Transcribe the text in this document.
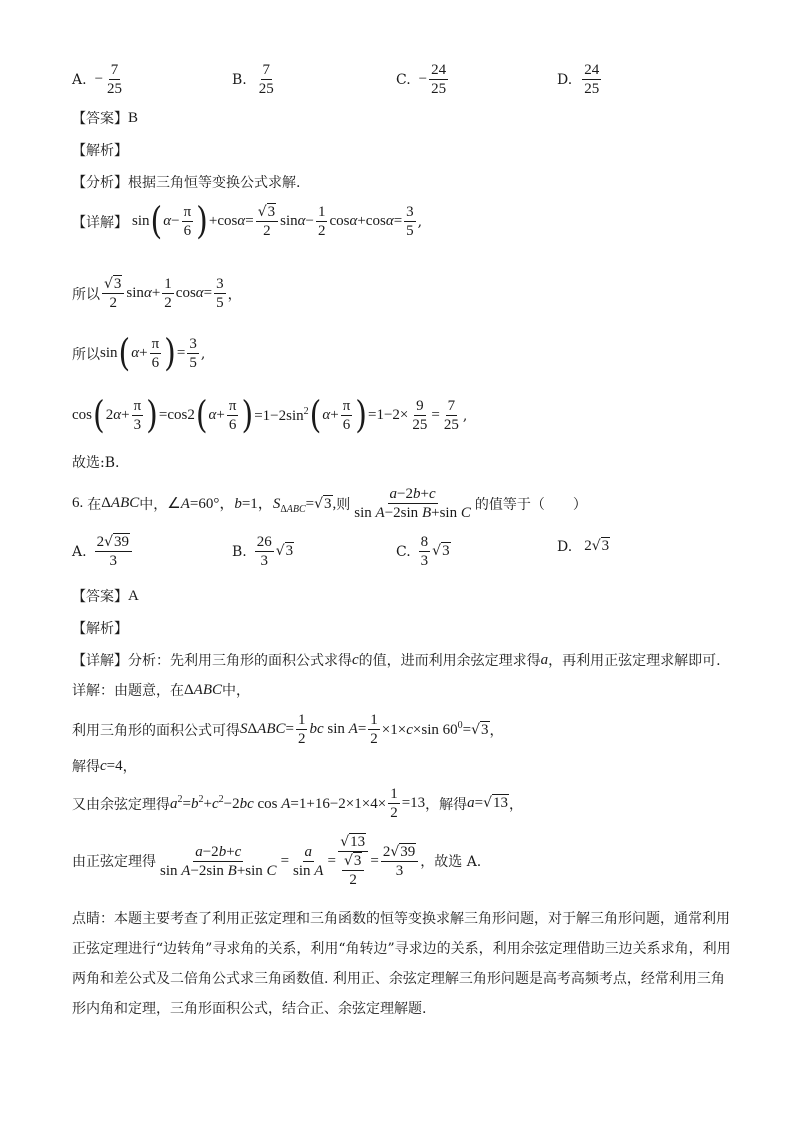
A. − $\frac{7}{25}$	B. $\frac{7}{25}$	C. − $\frac{24}{25}$	D. $\frac{24}{25}$
【答案】 B
【解析】
【分析】 根据三角恒等变换公式求解.
【详解】 sin ( $\alpha - \frac{\pi}{6}$ ) $+\cos\alpha= \frac{√3}{2} \sin\alpha- \frac{1}{2} \cos\alpha+\cos\alpha= \frac{3}{5}$ ,
所以 $\frac{√3}{2} \sin\alpha+ \frac{1}{2} \cos\alpha= \frac{3}{5}$ ，
所以 sin ( $\alpha + \frac{\pi}{6}$ ) = $\frac{3}{5}$ ,
cos ( $2\alpha+ \frac{\pi}{3}$ ) =cos2 ( $\alpha + \frac{\pi}{6}$ ) $=1-2\sin^2$ ( $\alpha + \frac{\pi}{6}$ ) $=1-2\times \frac{9}{25} = \frac{7}{25}$ ,
故选:B.
6. 在 ΔABC 中， ∠A=60°，b=1，$S_{\Delta ABC}=√3$, 则 $\frac{a-2b+c}{\text{sin A−2sin B+sin C}}$ 的值等于（　　）
A. $\frac{2√39}{3}$	B. $\frac{26}{3} √3$	C. $\frac{8}{3} √3$	D. 2√3
【答案】 A
【解析】
【详解】 分析：先利用三角形的面积公式求得 c 的值，进而利用余弦定理求得 a ，再利用正弦定理求解即可.
详解：由题意，在 ΔABC 中，
利用三角形的面积公式可得 S $\Delta ABC = \frac{1}{2}$ bc $\sin A= \frac{1}{2} \times 1\times c\times\sin$ $60^0=√3$ ，
解得 c=4 ，
又由余弦定理得 $a^2=b^2+c^2-2bc$ $\cos A=1+16-2\times 1\times 4\times \frac{1}{2} =13$ ，解得 a=√13 ，
由正弦定理得 $\frac{a-2b+c}{\text{sin A−2sin B+sin C}} = \frac{a}{\text{sin A}} = \frac{√13}{\frac{√3}{2}} = \frac{2√39}{3}$ ，故选 A.
点睛：本题主要考查了利用正弦定理和三角函数的恒等变换求解三角形问题，对于解三角形问题，通常利用正弦定理进行“边转角”寻求角的关系，利用“角转边”寻求边的关系，利用余弦定理借助三边关系求角，利用两角和差公式及二倍角公式求三角函数值. 利用正、余弦定理解三角形问题是高考高频考点，经常利用三角形内角和定理，三角形面积公式，结合正、余弦定理解题.
